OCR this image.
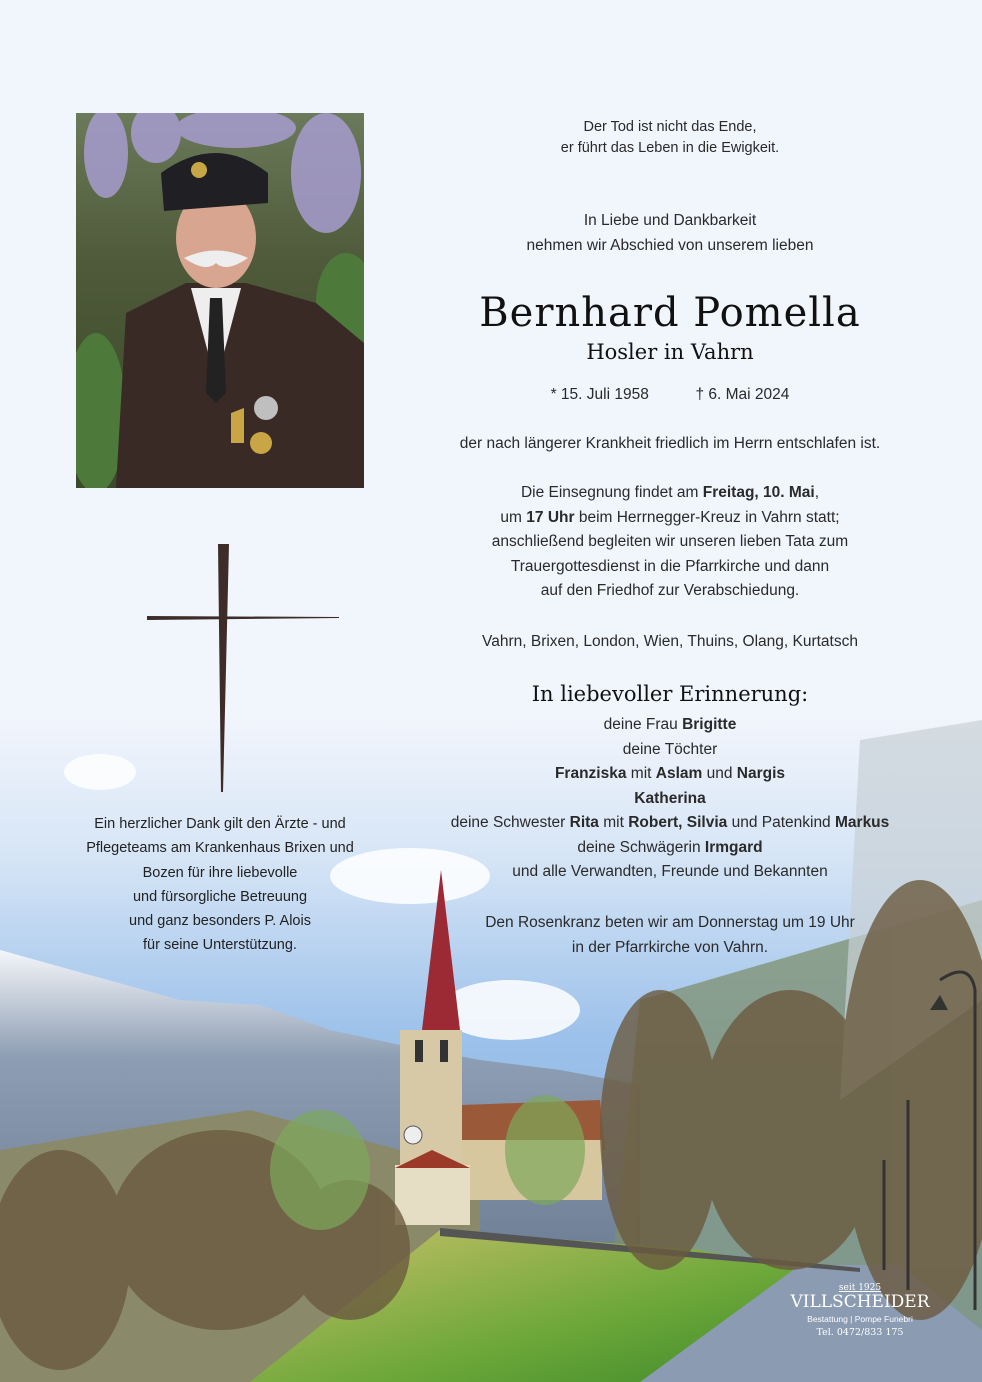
Der Tod ist nicht das Ende,
er führt das Leben in die Ewigkeit.
In Liebe und Dankbarkeit
nehmen wir Abschied von unserem lieben
Bernhard Pomella
Hosler in Vahrn
* 15. Juli 1958	† 6. Mai 2024
der nach längerer Krankheit friedlich im Herrn entschlafen ist.
Die Einsegnung findet am Freitag, 10. Mai,
um 17 Uhr beim Herrnegger-Kreuz in Vahrn statt;
anschließend begleiten wir unseren lieben Tata zum
Trauergottesdienst in die Pfarrkirche und dann
auf den Friedhof zur Verabschiedung.
Vahrn, Brixen, London, Wien, Thuins, Olang, Kurtatsch
In liebevoller Erinnerung:
deine Frau Brigitte
deine Töchter
Franziska mit Aslam und Nargis
Katherina
deine Schwester Rita mit Robert, Silvia und Patenkind Markus
deine Schwägerin Irmgard
und alle Verwandten, Freunde und Bekannten
Den Rosenkranz beten wir am Donnerstag um 19 Uhr
in der Pfarrkirche von Vahrn.
Ein herzlicher Dank gilt den Ärzte - und
Pflegeteams am Krankenhaus Brixen und
Bozen für ihre liebevolle
und fürsorgliche Betreuung
und ganz besonders P. Alois
für seine Unterstützung.
seit 1925
VILLSCHEIDER
Bestattung | Pompe Funebri
Tel. 0472/833 175
